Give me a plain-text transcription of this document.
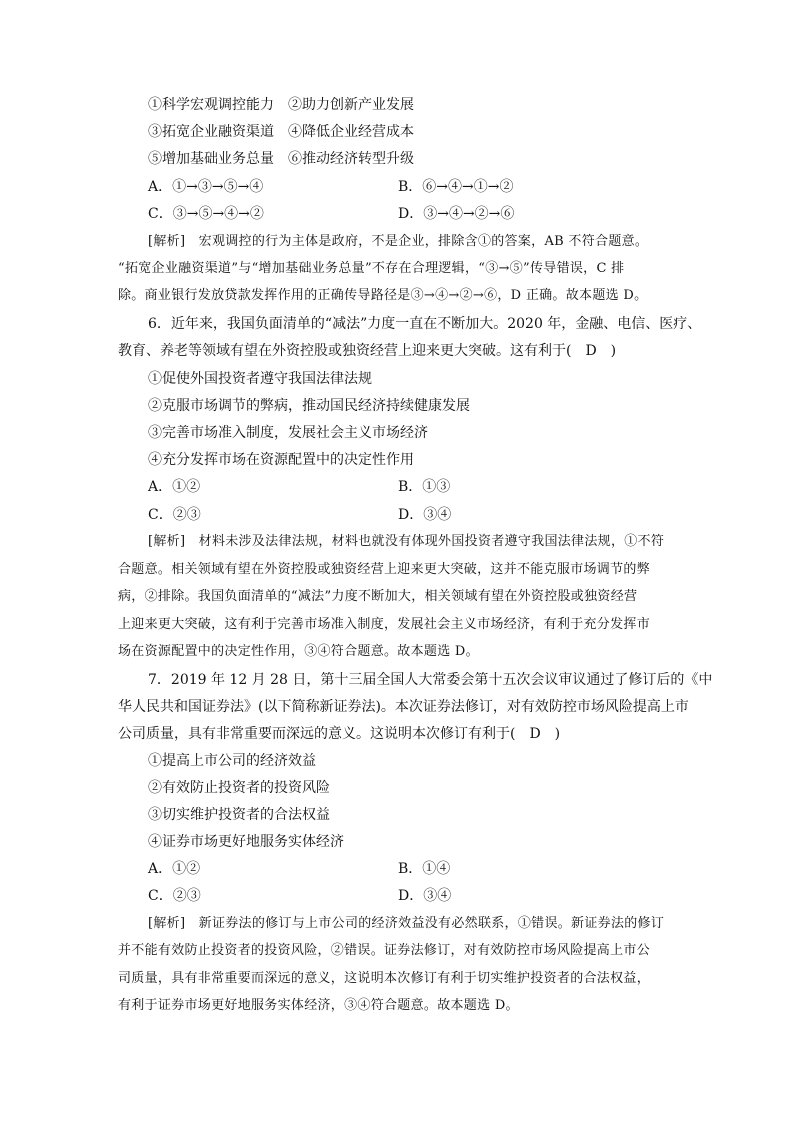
①科学宏观调控能力　②助力创新产业发展
③拓宽企业融资渠道　④降低企业经营成本
⑤增加基础业务总量　⑥推动经济转型升级
A．①→③→⑤→④	B．⑥→④→①→②
C．③→⑤→④→②	D．③→④→②→⑥
[解析]　宏观调控的行为主体是政府，不是企业，排除含①的答案，AB 不符合题意。
“拓宽企业融资渠道”与“增加基础业务总量”不存在合理逻辑，“③→⑤”传导错误，C 排
除。商业银行发放贷款发挥作用的正确传导路径是③→④→②→⑥，D 正确。故本题选 D。
6．近年来，我国负面清单的“减法”力度一直在不断加大。2020 年，金融、电信、医疗、
教育、养老等领域有望在外资控股或独资经营上迎来更大突破。这有利于(　D　)
①促使外国投资者遵守我国法律法规
②克服市场调节的弊病，推动国民经济持续健康发展
③完善市场准入制度，发展社会主义市场经济
④充分发挥市场在资源配置中的决定性作用
A．①②	B．①③
C．②③	D．③④
[解析]　材料未涉及法律法规，材料也就没有体现外国投资者遵守我国法律法规，①不符
合题意。相关领域有望在外资控股或独资经营上迎来更大突破，这并不能克服市场调节的弊
病，②排除。我国负面清单的“减法”力度不断加大，相关领域有望在外资控股或独资经营
上迎来更大突破，这有利于完善市场准入制度，发展社会主义市场经济，有利于充分发挥市
场在资源配置中的决定性作用，③④符合题意。故本题选 D。
7．2019 年 12 月 28 日，第十三届全国人大常委会第十五次会议审议通过了修订后的《中
华人民共和国证券法》(以下简称新证券法)。本次证券法修订，对有效防控市场风险提高上市
公司质量，具有非常重要而深远的意义。这说明本次修订有利于(　D　)
①提高上市公司的经济效益
②有效防止投资者的投资风险
③切实维护投资者的合法权益
④证券市场更好地服务实体经济
A．①②	B．①④
C．②③	D．③④
[解析]　新证券法的修订与上市公司的经济效益没有必然联系，①错误。新证券法的修订
并不能有效防止投资者的投资风险，②错误。证券法修订，对有效防控市场风险提高上市公
司质量，具有非常重要而深远的意义，这说明本次修订有利于切实维护投资者的合法权益，
有利于证券市场更好地服务实体经济，③④符合题意。故本题选 D。
